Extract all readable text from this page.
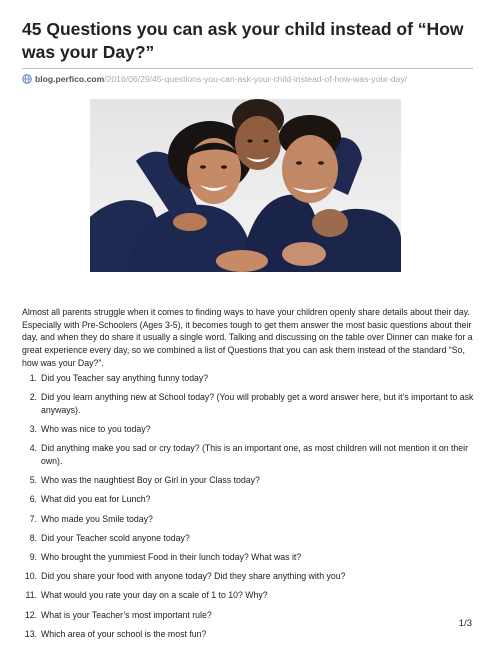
45 Questions you can ask your child instead of “How was your Day?”
blog.perfico.com/2016/06/29/45-questions-you-can-ask-your-child-instead-of-how-was-your-day/
Almost all parents struggle when it comes to finding ways to have your children openly share details about their day. Especially with Pre-Schoolers (Ages 3-5), it becomes tough to get them answer the most basic questions about their day, and when they do share it usually a single word. Talking and discussing on the table over Dinner can make for a great experience every day, so we combined a list of Questions that you can ask them instead of the standard “So, how was your Day?”.
1. Did you Teacher say anything funny today?
2. Did you learn anything new at School today? (You will probably get a word answer here, but it’s important to ask anyways).
3. Who was nice to you today?
4. Did anything make you sad or cry today? (This is an important one, as most children will not mention it on their own).
5. Who was the naughtiest Boy or Girl in your Class today?
6. What did you eat for Lunch?
7. Who made you Smile today?
8. Did your Teacher scold anyone today?
9. Who brought the yummiest Food in their lunch today? What was it?
10. Did you share your food with anyone today? Did they share anything with you?
11. What would you rate your day on a scale of 1 to 10? Why?
12. What is your Teacher’s most important rule?
13. Which area of your school is the most fun?
1/3
